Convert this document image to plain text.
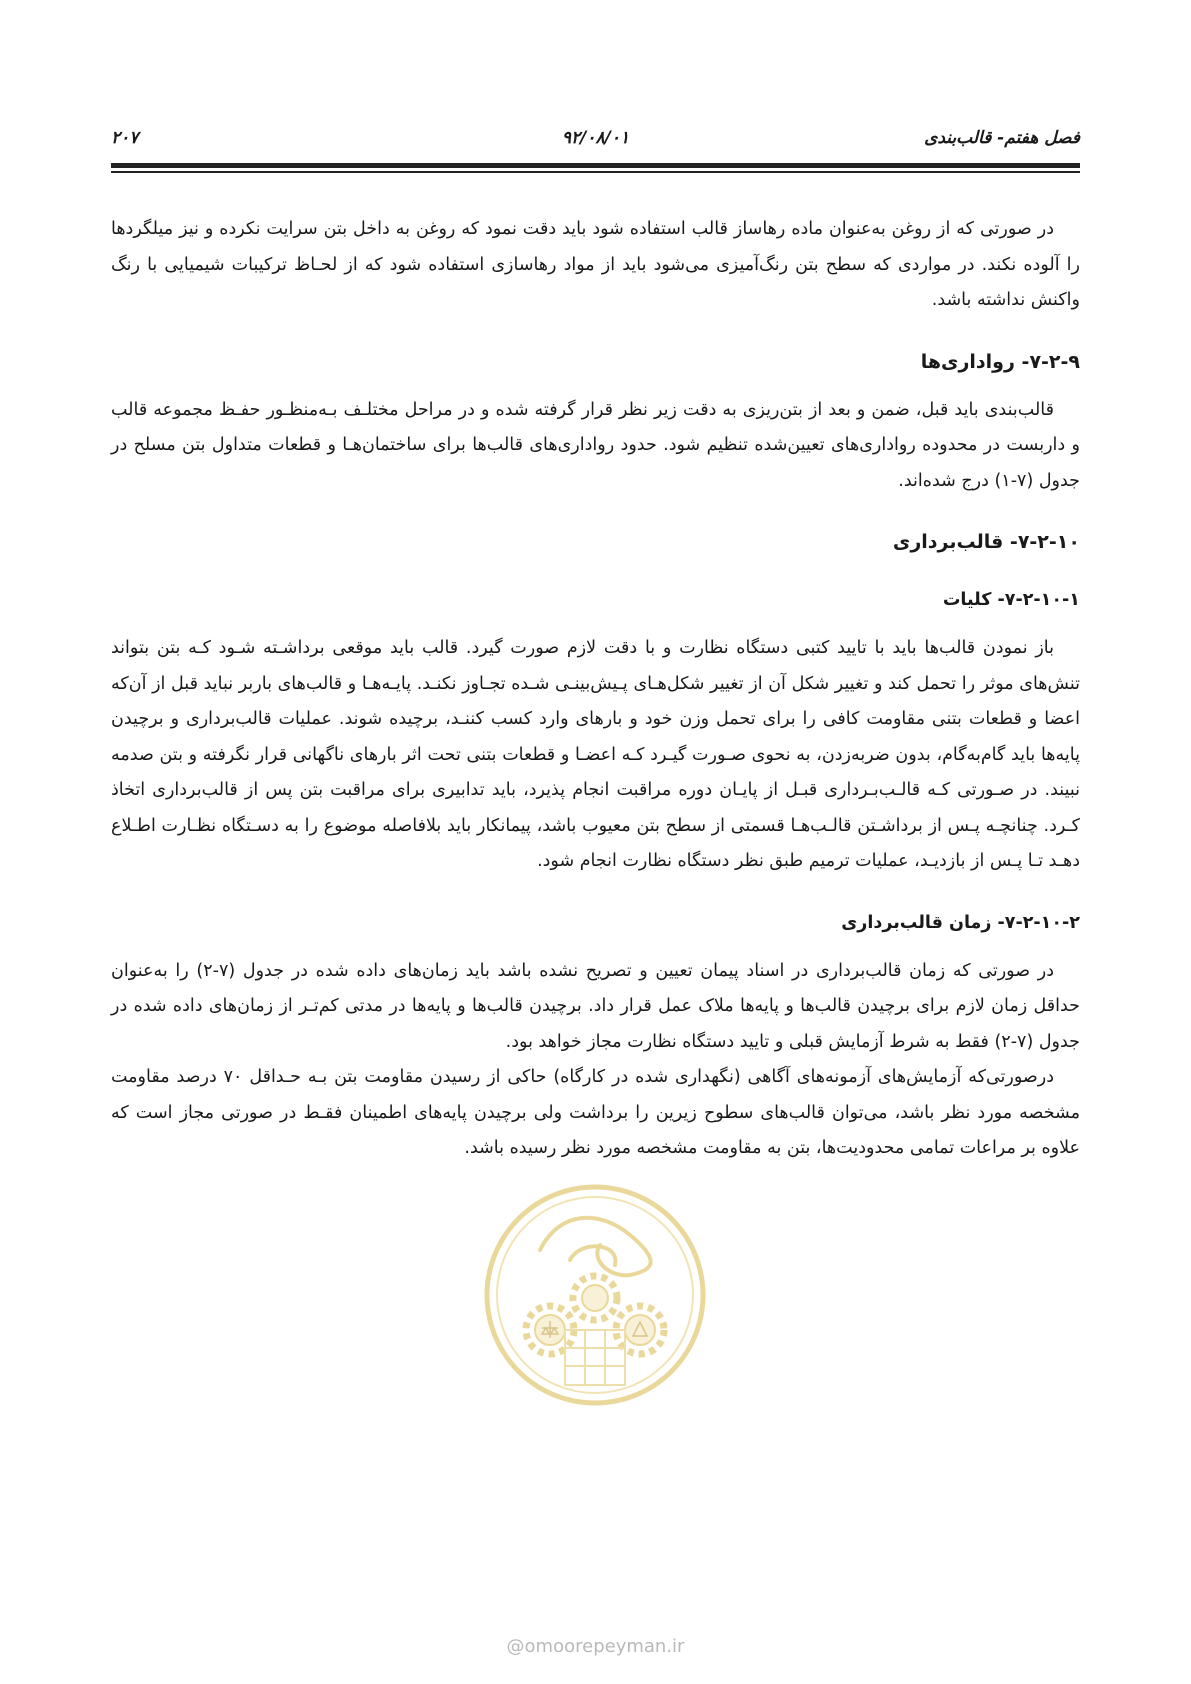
فصل هفتم- قالب‌بندی
۹۲/۰۸/۰۱
۲۰۷

در صورتی که از روغن به‌عنوان ماده رهاساز قالب استفاده شود باید دقت نمود که روغن به داخل بتن سرایت نکرده و نیز میلگردها را آلوده نکند. در مواردی که سطح بتن رنگ‌آمیزی می‌شود باید از مواد رهاسازی استفاده شود که از لحـاظ ترکیبات شیمیایی با رنگ واکنش نداشته باشد.

۷-۲-۹- رواداری‌ها

قالب‌بندی باید قبل، ضمن و بعد از بتن‌ریزی به دقت زیر نظر قرار گرفته شده و در مراحل مختلـف بـه‌منظـور حفـظ مجموعه قالب و داربست در محدوده رواداری‌های تعیین‌شده تنظیم شود. حدود رواداری‌های قالب‌ها برای ساختمان‌هـا و قطعات متداول بتن مسلح در جدول (۷-۱) درج شده‌اند.

۷-۲-۱۰- قالب‌برداری
۷-۲-۱۰-۱- کلیات

باز نمودن قالب‌ها باید با تایید کتبی دستگاه نظارت و با دقت لازم صورت گیرد. قالب باید موقعی برداشـته شـود کـه بتن بتواند تنش‌های موثر را تحمل کند و تغییر شکل آن از تغییر شکل‌هـای پـیش‌بینـی شـده تجـاوز نکنـد. پایـه‌هـا و قالب‌های باربر نباید قبل از آن‌که اعضا و قطعات بتنی مقاومت کافی را برای تحمل وزن خود و بارهای وارد کسب کننـد، برچیده شوند. عملیات قالب‌برداری و برچیدن پایه‌ها باید گام‌به‌گام، بدون ضربه‌زدن، به نحوی صـورت گیـرد کـه اعضـا و قطعات بتنی تحت اثر بارهای ناگهانی قرار نگرفته و بتن صدمه نبیند. در صـورتی کـه قالـب‌بـرداری قبـل از پایـان دوره مراقبت انجام پذیرد، باید تدابیری برای مراقبت بتن پس از قالب‌برداری اتخاذ کـرد. چنانچـه پـس از برداشـتن قالـب‌هـا قسمتی از سطح بتن معیوب باشد، پیمانکار باید بلافاصله موضوع را به دسـتگاه نظـارت اطـلاع دهـد تـا پـس از بازدیـد، عملیات ترمیم طبق نظر دستگاه نظارت انجام شود.

۷-۲-۱۰-۲- زمان قالب‌برداری

در صورتی که زمان قالب‌برداری در اسناد پیمان تعیین و تصریح نشده باشد باید زمان‌های داده شده در جدول (۷-۲) را به‌عنوان حداقل زمان لازم برای برچیدن قالب‌ها و پایه‌ها ملاک عمل قرار داد. برچیدن قالب‌ها و پایه‌ها در مدتی کم‌تـر از زمان‌های داده شده در جدول (۷-۲) فقط به شرط آزمایش قبلی و تایید دستگاه نظارت مجاز خواهد بود.

درصورتی‌که آزمایش‌های آزمونه‌های آگاهی (نگهداری شده در کارگاه) حاکی از رسیدن مقاومت بتن بـه حـداقل ۷۰ درصد مقاومت مشخصه مورد نظر باشد، می‌توان قالب‌های سطوح زیرین را برداشت ولی برچیدن پایه‌های اطمینان فقـط در صورتی مجاز است که علاوه بر مراعات تمامی محدودیت‌ها، بتن به مقاومت مشخصه مورد نظر رسیده باشد.

@omoorepeyman.ir
